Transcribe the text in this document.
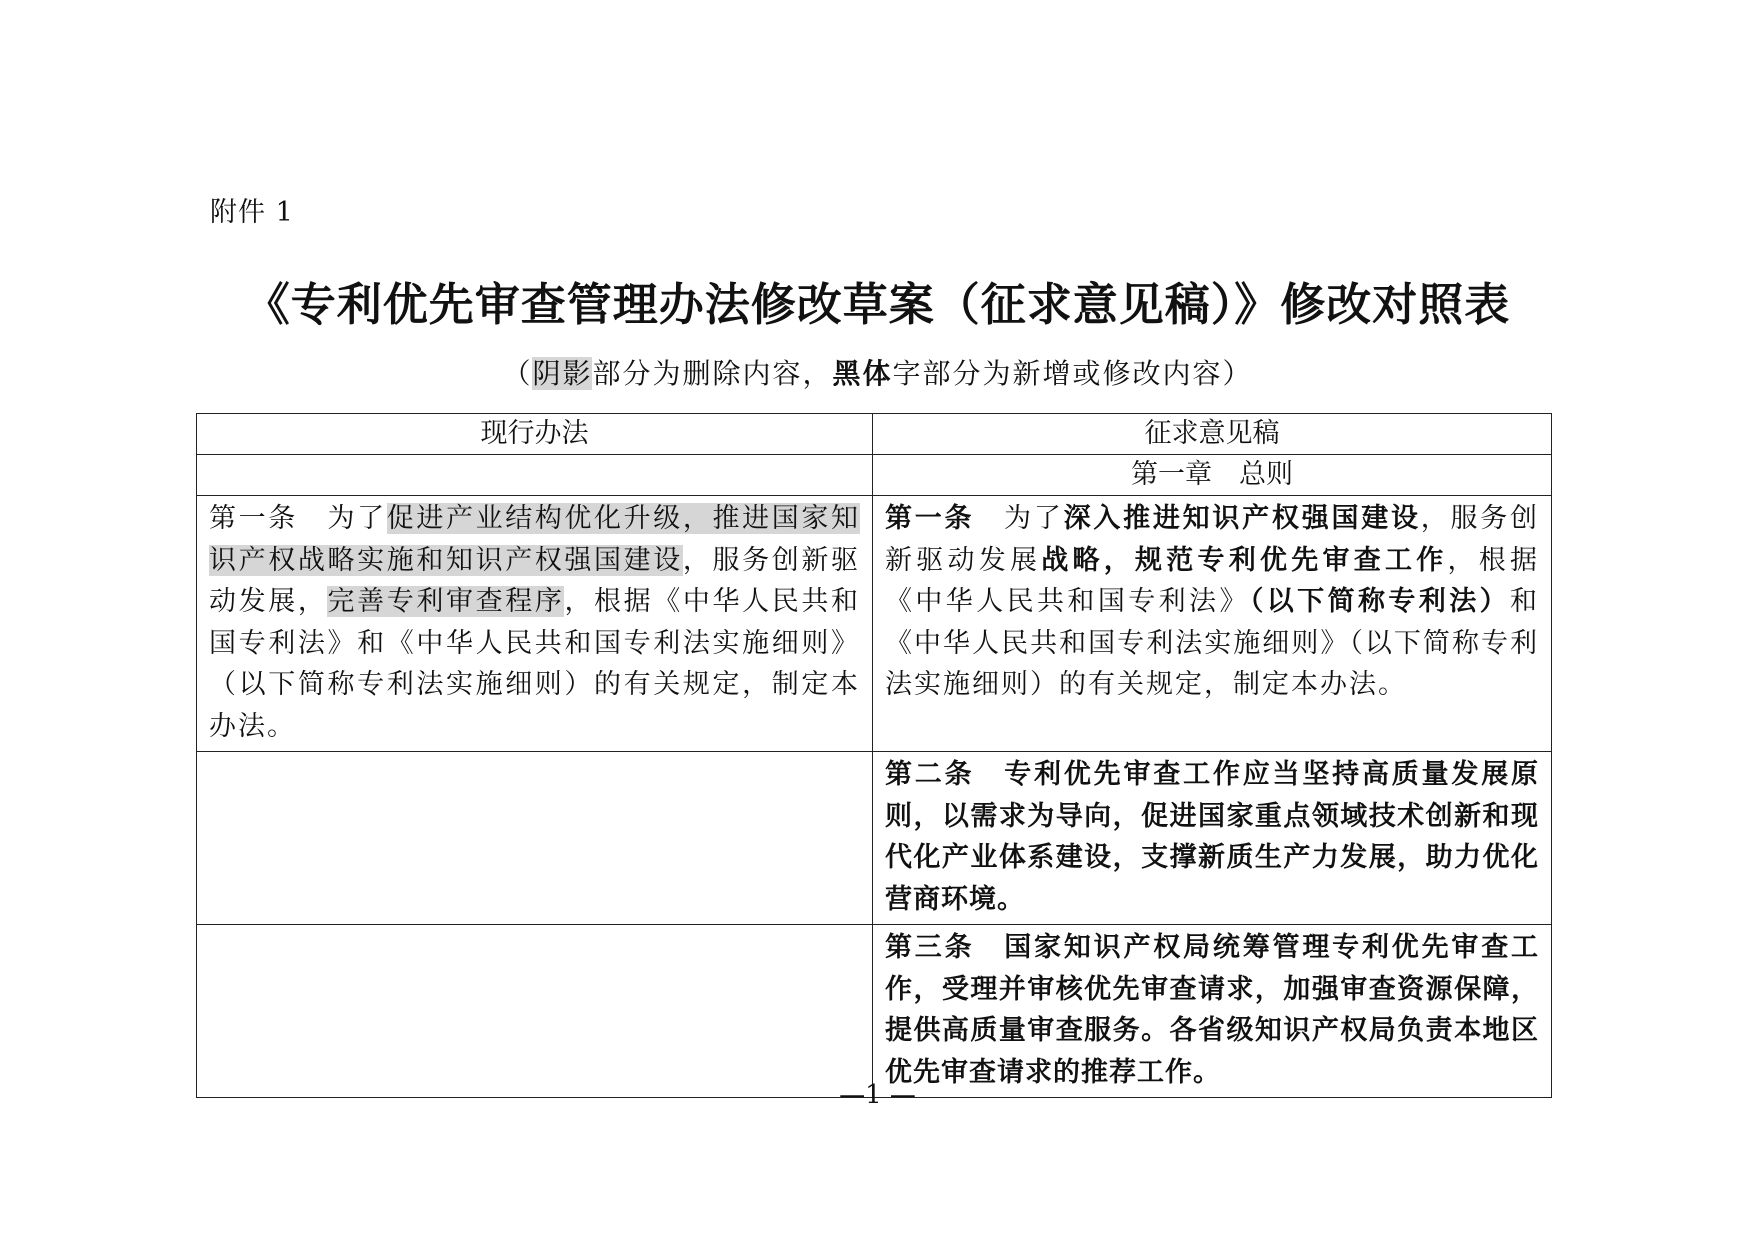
附件 1
《专利优先审查管理办法修改草案（征求意见稿）》修改对照表
（阴影部分为删除内容，黑体字部分为新增或修改内容）
现行办法	征求意见稿
	第一章　总则
第一条　为了促进产业结构优化升级，推进国家知识产权战略实施和知识产权强国建设，服务创新驱动发展，完善专利审查程序，根据《中华人民共和国专利法》和《中华人民共和国专利法实施细则》（以下简称专利法实施细则）的有关规定，制定本办法。	第一条　为了深入推进知识产权强国建设，服务创新驱动发展战略，规范专利优先审查工作，根据《中华人民共和国专利法》（以下简称专利法）和《中华人民共和国专利法实施细则》（以下简称专利法实施细则）的有关规定，制定本办法。
	第二条　专利优先审查工作应当坚持高质量发展原则，以需求为导向，促进国家重点领域技术创新和现代化产业体系建设，支撑新质生产力发展，助力优化营商环境。
	第三条　国家知识产权局统筹管理专利优先审查工作，受理并审核优先审查请求，加强审查资源保障，提供高质量审查服务。各省级知识产权局负责本地区优先审查请求的推荐工作。
—1 —
